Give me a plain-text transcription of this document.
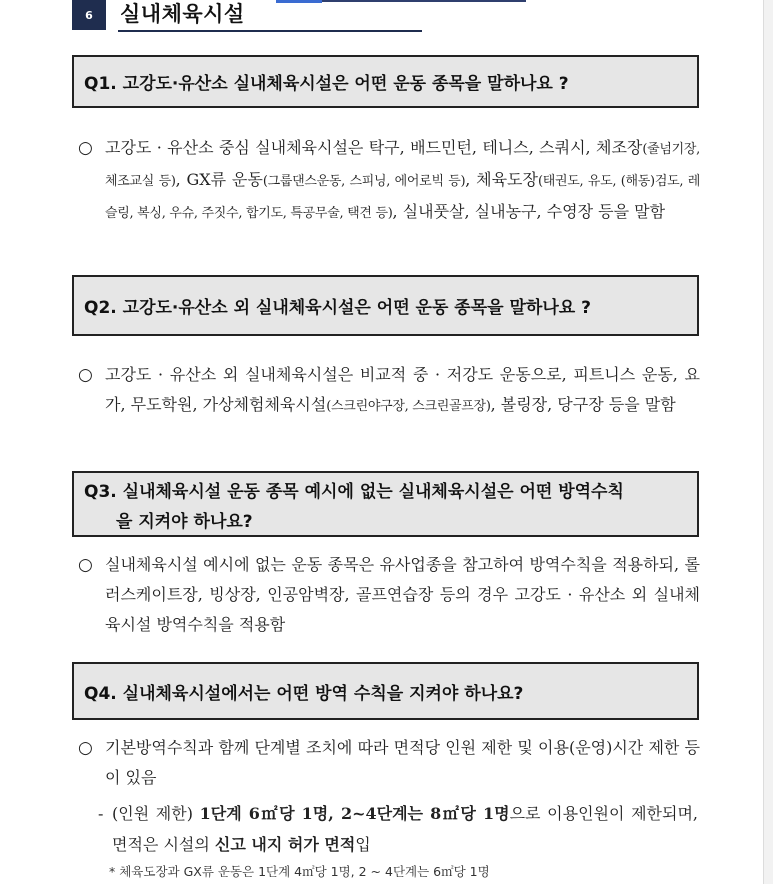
6	실내체육시설
Q1. 고강도·유산소 실내체육시설은 어떤 운동 종목을 말하나요 ?
○ 고강도 · 유산소 중심 실내체육시설은 탁구, 배드민턴, 테니스, 스쿼시, 체조장(줄넘기장, 체조교실 등), GX류 운동(그룹댄스운동, 스피닝, 에어로빅 등), 체육도장(태권도, 유도, (해동)검도, 레슬링, 복싱, 우슈, 주짓수, 합기도, 특공무술, 택견 등), 실내풋살, 실내농구, 수영장 등을 말함
Q2. 고강도·유산소 외 실내체육시설은 어떤 운동 종목을 말하나요 ?
○ 고강도 · 유산소 외 실내체육시설은 비교적 중 · 저강도 운동으로, 피트니스 운동, 요가, 무도학원, 가상체험체육시설(스크린야구장, 스크린골프장), 볼링장, 당구장 등을 말함
Q3. 실내체육시설 운동 종목 예시에 없는 실내체육시설은 어떤 방역수칙
을 지켜야 하나요?
○ 실내체육시설 예시에 없는 운동 종목은 유사업종을 참고하여 방역수칙을 적용하되, 롤러스케이트장, 빙상장, 인공암벽장, 골프연습장 등의 경우 고강도 · 유산소 외 실내체육시설 방역수칙을 적용함
Q4. 실내체육시설에서는 어떤 방역 수칙을 지켜야 하나요?
○ 기본방역수칙과 함께 단계별 조치에 따라 면적당 인원 제한 및 이용(운영)시간 제한 등이 있음
- (인원 제한) 1단계 6㎡당 1명, 2~4단계는 8㎡당 1명으로 이용인원이 제한되며, 면적은 시설의 신고 내지 허가 면적입
* 체육도장과 GX류 운동은 1단계 4㎡당 1명, 2 ~ 4단계는 6㎡당 1명
